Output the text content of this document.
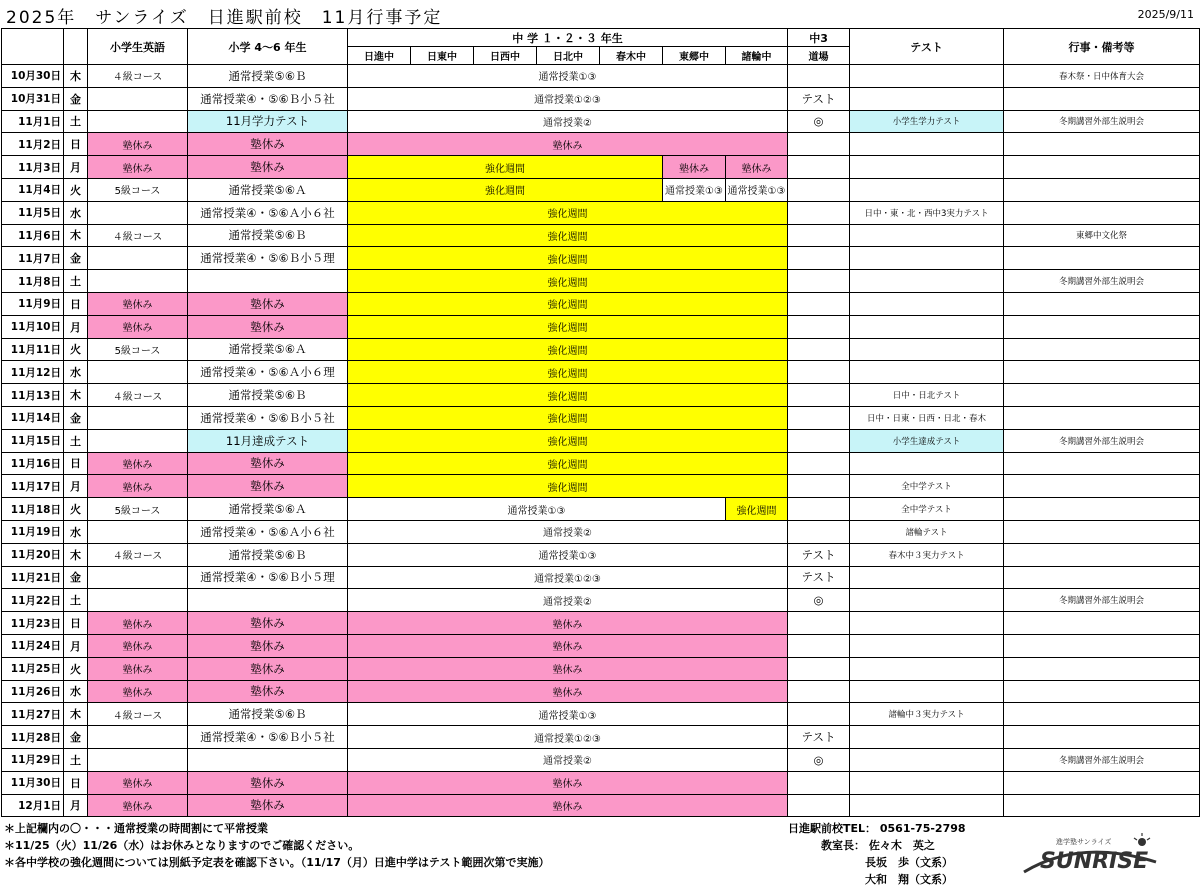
2025年　サンライズ　日進駅前校　11月行事予定	2025/9/11
		小学生英語	小学 4～6 年生	中 学 １・２・３ 年生							中3	テスト	行事・備考等
				日進中	日東中	日西中	日北中	春木中	東郷中	諸輪中	道場		
10月30日	木	４級コース	通常授業⑤⑥Ｂ	通常授業①③									春木祭・日中体育大会
10月31日	金		通常授業④・⑤⑥Ｂ小５社	通常授業①②③							テスト		
11月1日	土		11月学力テスト	通常授業②							◎	小学生学力テスト	冬期講習外部生説明会
11月2日	日	塾休み	塾休み	塾休み									
11月3日	月	塾休み	塾休み	強化週間					塾休み	塾休み			
11月4日	火	5級コース	通常授業⑤⑥Ａ	強化週間					通常授業①③	通常授業①③			
11月5日	水		通常授業④・⑤⑥Ａ小６社	強化週間								日中・東・北・西中3実力テスト	
11月6日	木	４級コース	通常授業⑤⑥Ｂ	強化週間									東郷中文化祭
11月7日	金		通常授業④・⑤⑥Ｂ小５理	強化週間									
11月8日	土			強化週間									冬期講習外部生説明会
11月9日	日	塾休み	塾休み	強化週間									
11月10日	月	塾休み	塾休み	強化週間									
11月11日	火	5級コース	通常授業⑤⑥Ａ	強化週間									
11月12日	水		通常授業④・⑤⑥Ａ小６理	強化週間									
11月13日	木	４級コース	通常授業⑤⑥Ｂ	強化週間								日中・日北テスト	
11月14日	金		通常授業④・⑤⑥Ｂ小５社	強化週間								日中・日東・日西・日北・春木	
11月15日	土		11月達成テスト	強化週間								小学生達成テスト	冬期講習外部生説明会
11月16日	日	塾休み	塾休み	強化週間									
11月17日	月	塾休み	塾休み	強化週間								全中学テスト	
11月18日	火	5級コース	通常授業⑤⑥Ａ	通常授業①③						強化週間		全中学テスト	
11月19日	水		通常授業④・⑤⑥Ａ小６社	通常授業②								諸輪テスト	
11月20日	木	４級コース	通常授業⑤⑥Ｂ	通常授業①③							テスト	春木中３実力テスト	
11月21日	金		通常授業④・⑤⑥Ｂ小５理	通常授業①②③							テスト		
11月22日	土			通常授業②							◎		冬期講習外部生説明会
11月23日	日	塾休み	塾休み	塾休み									
11月24日	月	塾休み	塾休み	塾休み									
11月25日	火	塾休み	塾休み	塾休み									
11月26日	水	塾休み	塾休み	塾休み									
11月27日	木	４級コース	通常授業⑤⑥Ｂ	通常授業①③								諸輪中３実力テスト	
11月28日	金		通常授業④・⑤⑥Ｂ小５社	通常授業①②③							テスト		
11月29日	土			通常授業②							◎		冬期講習外部生説明会
11月30日	日	塾休み	塾休み	塾休み									
12月1日	月	塾休み	塾休み	塾休み									
＊上記欄内の〇・・・通常授業の時間割にて平常授業
＊11/25（火）11/26（水）はお休みとなりますのでご確認ください。
＊各中学校の強化週間については別紙予定表を確認下さい。（11/17（月）日進中学はテスト範囲次第で実施）
日進駅前校TEL： 0561-75-2798
　　　教室長： 佐々木　英之
　　　　　　　長坂　歩（文系）
　　　　　　　大和　翔（文系）
進学塾サンライズ
SUNRISE
